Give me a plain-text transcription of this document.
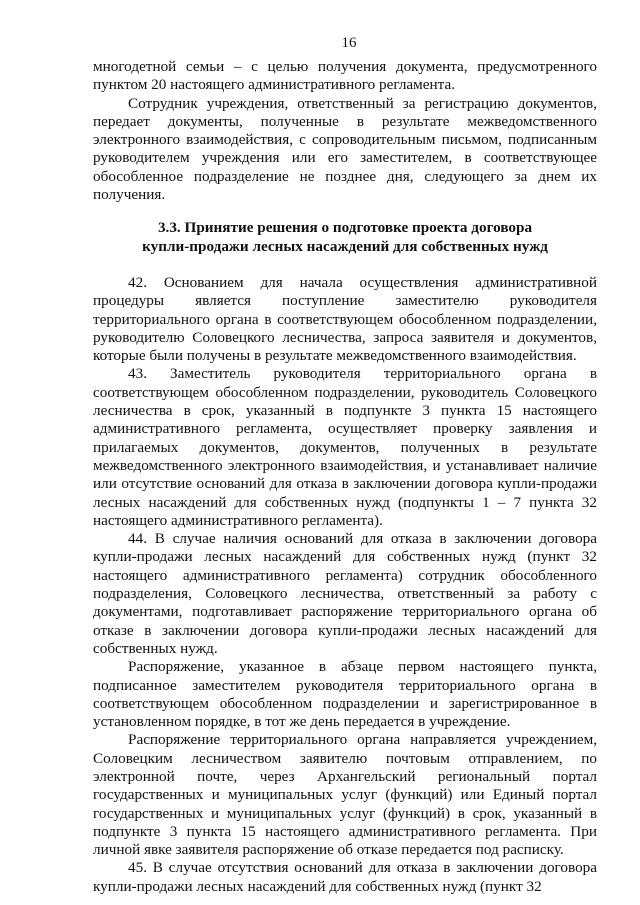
16

многодетной семьи – с целью получения документа, предусмотренного пунктом 20 настоящего административного регламента.

Сотрудник учреждения, ответственный за регистрацию документов, передает документы, полученные в результате межведомственного электронного взаимодействия, с сопроводительным письмом, подписанным руководителем учреждения или его заместителем, в соответствующее обособленное подразделение не позднее дня, следующего за днем их получения.

3.3. Принятие решения о подготовке проекта договора
купли-продажи лесных насаждений для собственных нужд

42. Основанием для начала осуществления административной процедуры является поступление заместителю руководителя территориального органа в соответствующем обособленном подразделении, руководителю Соловецкого лесничества, запроса заявителя и документов, которые были получены в результате межведомственного взаимодействия.

43. Заместитель руководителя территориального органа в соответствующем обособленном подразделении, руководитель Соловецкого лесничества в срок, указанный в подпункте 3 пункта 15 настоящего административного регламента, осуществляет проверку заявления и прилагаемых документов, документов, полученных в результате межведомственного электронного взаимодействия, и устанавливает наличие или отсутствие оснований для отказа в заключении договора купли-продажи лесных насаждений для собственных нужд (подпункты 1 – 7 пункта 32 настоящего административного регламента).

44. В случае наличия оснований для отказа в заключении договора купли-продажи лесных насаждений для собственных нужд (пункт 32 настоящего административного регламента) сотрудник обособленного подразделения, Соловецкого лесничества, ответственный за работу с документами, подготавливает распоряжение территориального органа об отказе в заключении договора купли-продажи лесных насаждений для собственных нужд.

Распоряжение, указанное в абзаце первом настоящего пункта, подписанное заместителем руководителя территориального органа в соответствующем обособленном подразделении и зарегистрированное в установленном порядке, в тот же день передается в учреждение.

Распоряжение территориального органа направляется учреждением, Соловецким лесничеством заявителю почтовым отправлением, по электронной почте, через Архангельский региональный портал государственных и муниципальных услуг (функций) или Единый портал государственных и муниципальных услуг (функций) в срок, указанный в подпункте 3 пункта 15 настоящего административного регламента. При личной явке заявителя распоряжение об отказе передается под расписку.

45. В случае отсутствия оснований для отказа в заключении договора купли-продажи лесных насаждений для собственных нужд (пункт 32
